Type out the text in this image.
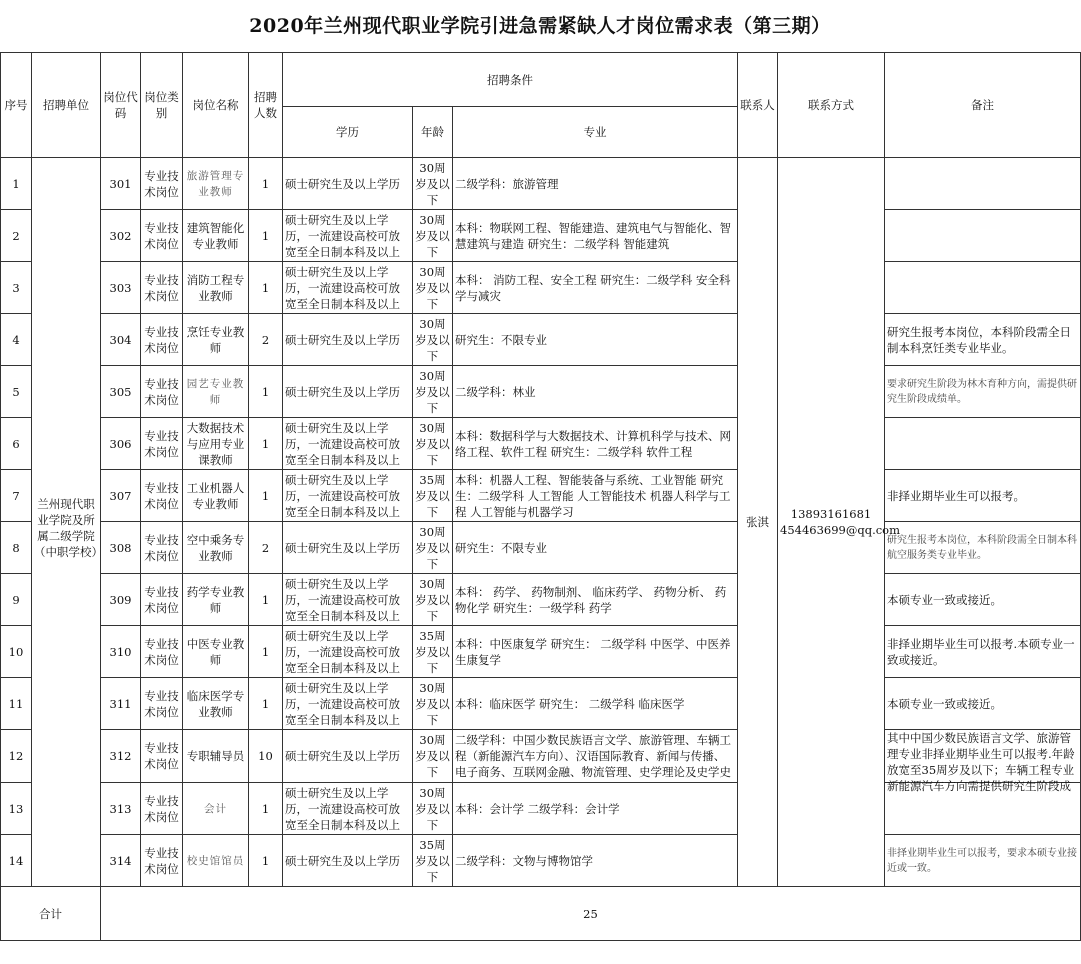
2020年兰州现代职业学院引进急需紧缺人才岗位需求表（第三期）
序号	招聘单位	岗位代码	岗位类别	岗位名称	招聘人数	招聘条件			联系人	联系方式	备注
						学历	年龄	专业			

1	兰州现代职业学院及所属二级学院（中职学校）	301	专业技术岗位	旅游管理专业教师	1	硕士研究生及以上学历	30周岁及以下	二级学科：旅游管理	张淇	13893161681
454463699@qq.com	

2		302	专业技术岗位	建筑智能化专业教师	1	硕士研究生及以上学历，一流建设高校可放宽至全日制本科及以上	30周岁及以下	本科：物联网工程、智能建造、建筑电气与智能化、智慧建筑与建造 研究生：二级学科 智能建筑			

3		303	专业技术岗位	消防工程专业教师	1	硕士研究生及以上学历，一流建设高校可放宽至全日制本科及以上	30周岁及以下	本科： 消防工程、安全工程 研究生：二级学科 安全科学与减灾			

4		304	专业技术岗位	烹饪专业教师	2	硕士研究生及以上学历	30周岁及以下	研究生：不限专业			研究生报考本岗位，本科阶段需全日制本科烹饪类专业毕业。

5		305	专业技术岗位	园艺专业教师	1	硕士研究生及以上学历	30周岁及以下	二级学科：林业			要求研究生阶段为林木育种方向，需提供研究生阶段成绩单。

6		306	专业技术岗位	大数据技术与应用专业课教师	1	硕士研究生及以上学历，一流建设高校可放宽至全日制本科及以上	30周岁及以下	本科：数据科学与大数据技术、计算机科学与技术、网络工程、软件工程 研究生：二级学科 软件工程			

7		307	专业技术岗位	工业机器人专业教师	1	硕士研究生及以上学历，一流建设高校可放宽至全日制本科及以上	35周岁及以下	本科：机器人工程、智能装备与系统、工业智能 研究生：二级学科 人工智能 人工智能技术 机器人科学与工程 人工智能与机器学习			非择业期毕业生可以报考。

8		308	专业技术岗位	空中乘务专业教师	2	硕士研究生及以上学历	30周岁及以下	研究生：不限专业			研究生报考本岗位，本科阶段需全日制本科航空服务类专业毕业。

9		309	专业技术岗位	药学专业教师	1	硕士研究生及以上学历，一流建设高校可放宽至全日制本科及以上	30周岁及以下	本科： 药学、 药物制剂、 临床药学、 药物分析、 药物化学 研究生：一级学科 药学			本硕专业一致或接近。

10		310	专业技术岗位	中医专业教师	1	硕士研究生及以上学历，一流建设高校可放宽至全日制本科及以上	35周岁及以下	本科：中医康复学 研究生： 二级学科 中医学、中医养生康复学			非择业期毕业生可以报考.本硕专业一致或接近。

11		311	专业技术岗位	临床医学专业教师	1	硕士研究生及以上学历，一流建设高校可放宽至全日制本科及以上	30周岁及以下	本科：临床医学 研究生： 二级学科 临床医学			本硕专业一致或接近。

12		312	专业技术岗位	专职辅导员	10	硕士研究生及以上学历	30周岁及以下	二级学科：中国少数民族语言文学、旅游管理、车辆工程（新能源汽车方向）、汉语国际教育、新闻与传播、电子商务、互联网金融、物流管理、史学理论及史学史			其中中国少数民族语言文学、旅游管理专业非择业期毕业生可以报考.年龄放宽至35周岁及以下；车辆工程专业新能源汽车方向需提供研究生阶段成

13		313	专业技术岗位	会计	1	硕士研究生及以上学历，一流建设高校可放宽至全日制本科及以上	30周岁及以下	本科：会计学 二级学科：会计学			

14		314	专业技术岗位	校史馆馆员	1	硕士研究生及以上学历	35周岁及以下	二级学科：文物与博物馆学			非择业期毕业生可以报考，要求本硕专业接近或一致。

合计		25									
